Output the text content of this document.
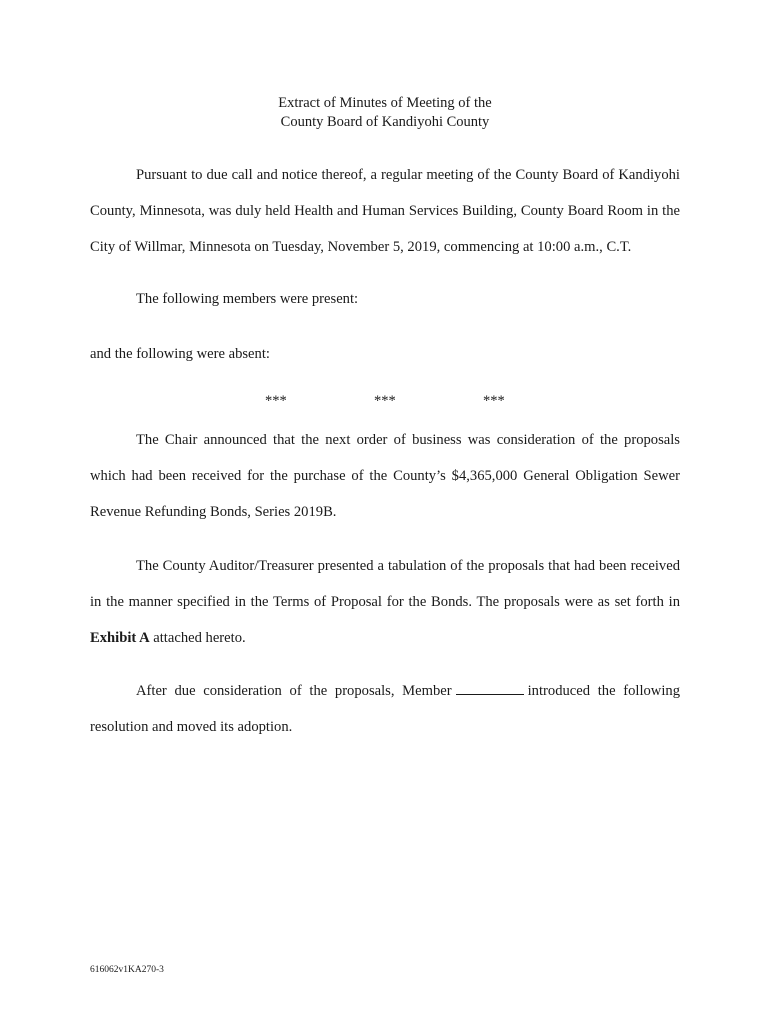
Extract of Minutes of Meeting of the
County Board of Kandiyohi County
Pursuant to due call and notice thereof, a regular meeting of the County Board of Kandiyohi County, Minnesota, was duly held Health and Human Services Building, County Board Room in the City of Willmar, Minnesota on Tuesday, November 5, 2019, commencing at 10:00 a.m., C.T.
The following members were present:
and the following were absent:
***	***	***
The Chair announced that the next order of business was consideration of the proposals which had been received for the purchase of the County’s $4,365,000 General Obligation Sewer Revenue Refunding Bonds, Series 2019B.
The County Auditor/Treasurer presented a tabulation of the proposals that had been received in the manner specified in the Terms of Proposal for the Bonds. The proposals were as set forth in Exhibit A attached hereto.
After due consideration of the proposals, Member	introduced the following resolution and moved its adoption.
616062v1KA270-3
